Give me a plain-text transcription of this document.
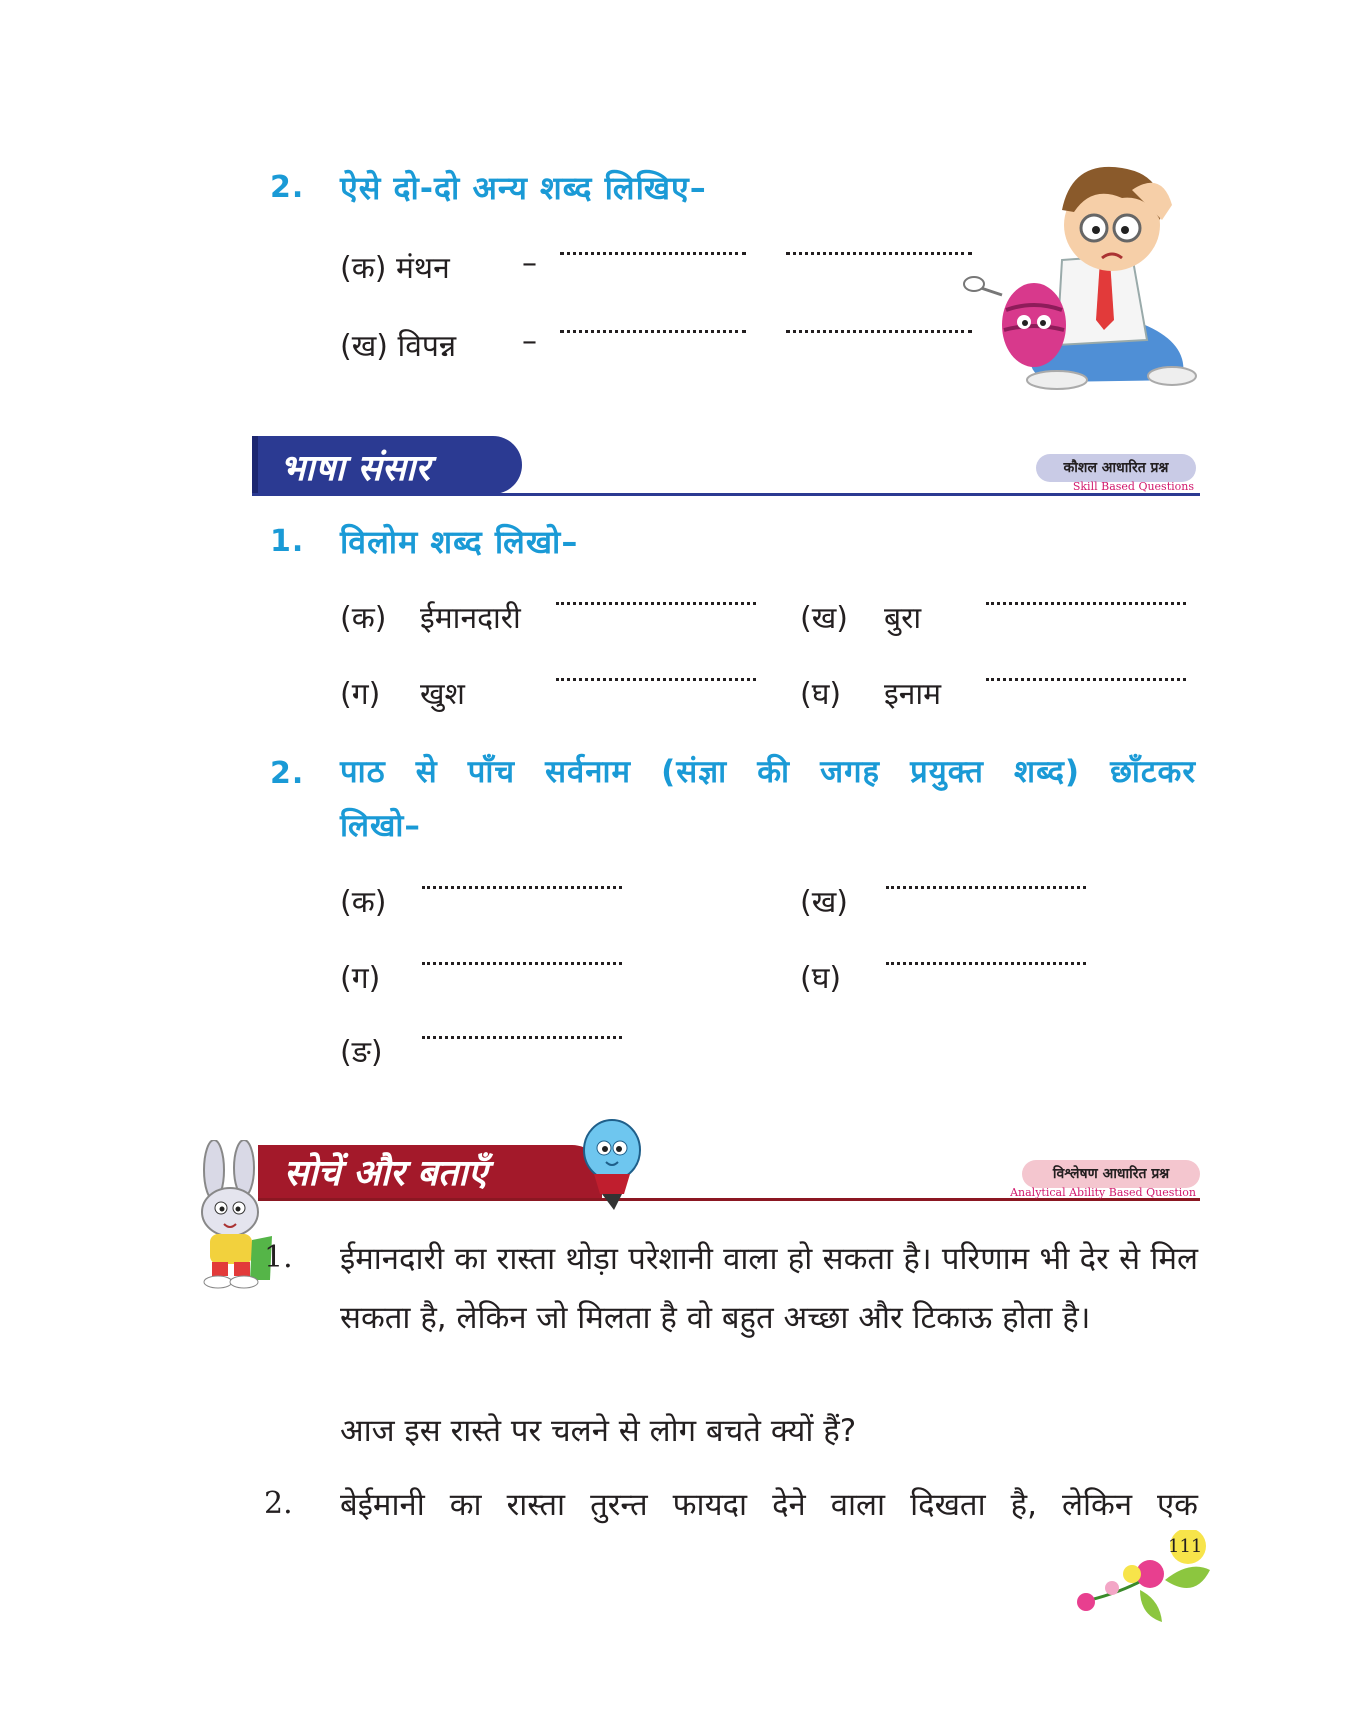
2. ऐसे दो-दो अन्य शब्द लिखिए–
(क) मंथन –
(ख) विपन्न –
भाषा संसार	कौशल आधारित प्रश्न
Skill Based Questions
1. विलोम शब्द लिखो–
(क) ईमानदारी	(ख) बुरा
(ग) खुश	(घ) इनाम
2. पाठ से पाँच सर्वनाम (संज्ञा की जगह प्रयुक्त शब्द) छाँटकर
लिखो–
(क)	(ख)
(ग)	(घ)
(ङ)
सोचें और बताएँ	विश्लेषण आधारित प्रश्न
Analytical Ability Based Question
1. ईमानदारी का रास्ता थोड़ा परेशानी वाला हो सकता है। परिणाम भी देर से मिल सकता है, लेकिन जो मिलता है वो बहुत अच्छा और टिकाऊ होता है।
आज इस रास्ते पर चलने से लोग बचते क्यों हैं?
2. बेईमानी का रास्ता तुरन्त फायदा देने वाला दिखता है, लेकिन एक
111
